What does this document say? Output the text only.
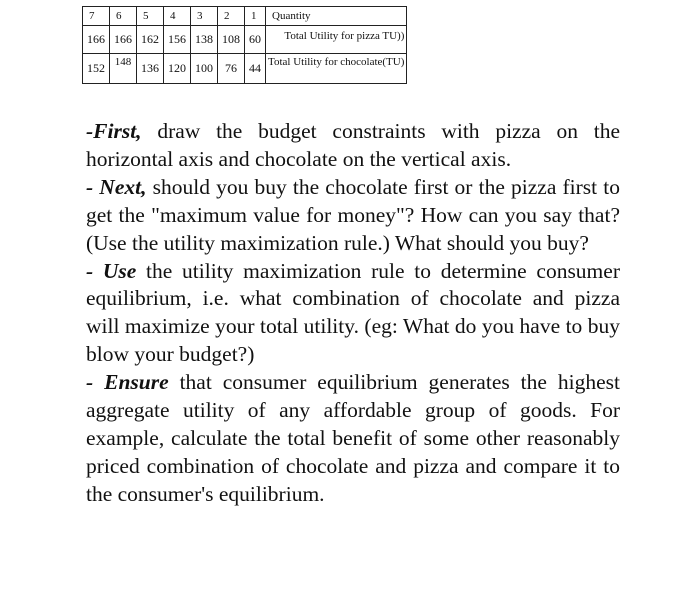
7	6	5	4	3	2	1	Quantity
166	166	162	156	138	108	60	Total Utility for pizza TU))
152	148	136	120	100	76	44	Total Utility for chocolate(TU)

-First, draw the budget constraints with pizza on the horizontal axis and chocolate on the vertical axis.

- Next, should you buy the chocolate first or the pizza first to get the "maximum value for money"? How can you say that? (Use the utility maximization rule.) What should you buy?

- Use the utility maximization rule to determine consumer equilibrium, i.e. what combination of chocolate and pizza will maximize your total utility. (eg: What do you have to buy blow your budget?)

- Ensure that consumer equilibrium generates the highest aggregate utility of any affordable group of goods. For example, calculate the total benefit of some other reasonably priced combination of chocolate and pizza and compare it to the consumer's equilibrium.
